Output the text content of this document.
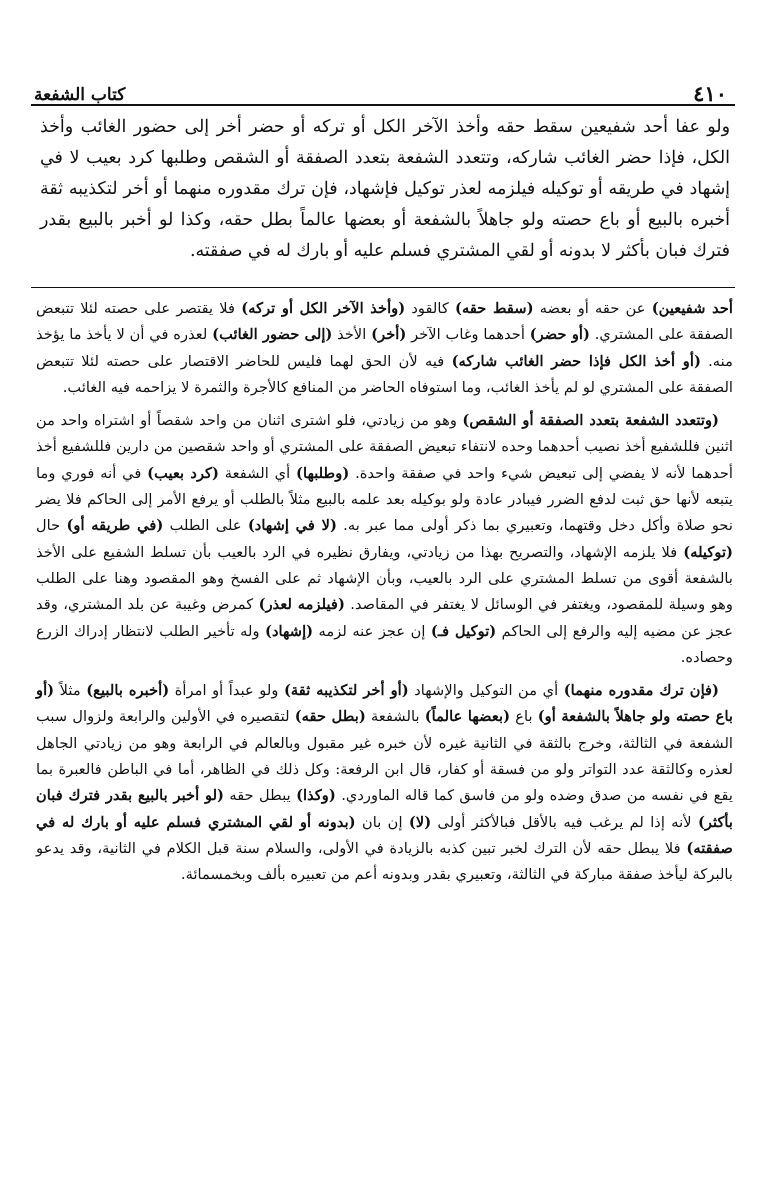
٤١٠
كتاب الشفعة

ولو عفا أحد شفيعين سقط حقه وأخذ الآخر الكل أو تركه أو حضر أخر إلى حضور الغائب وأخذ الكل، فإذا حضر الغائب شاركه، وتتعدد الشفعة بتعدد الصفقة أو الشقص وطلبها كرد بعيب لا في إشهاد في طريقه أو توكيله فيلزمه لعذر توكيل فإشهاد، فإن ترك مقدوره منهما أو أخر لتكذيبه ثقة أخبره بالبيع أو باع حصته ولو جاهلاً بالشفعة أو بعضها عالماً بطل حقه، وكذا لو أخبر بالبيع بقدر فترك فبان بأكثر لا بدونه أو لقي المشتري فسلم عليه أو بارك له في صفقته.

أحد شفيعين) عن حقه أو بعضه (سقط حقه) كالقود (وأخذ الآخر الكل أو تركه) فلا يقتصر على حصته لئلا تتبعض الصفقة على المشتري. (أو حضر) أحدهما وغاب الآخر (أخر) الأخذ (إلى حضور الغائب) لعذره في أن لا يأخذ ما يؤخذ منه. (أو أخذ الكل فإذا حضر الغائب شاركه) فيه لأن الحق لهما فليس للحاضر الاقتصار على حصته لئلا تتبعض الصفقة على المشتري لو لم يأخذ الغائب، وما استوفاه الحاضر من المنافع كالأجرة والثمرة لا يزاحمه فيه الغائب.

(وتتعدد الشفعة بتعدد الصفقة أو الشقص) وهو من زيادتي، فلو اشترى اثنان من واحد شقصاً أو اشتراه واحد من اثنين فللشفيع أخذ نصيب أحدهما وحده لانتفاء تبعيض الصفقة على المشتري أو واحد شقصين من دارين فللشفيع أخذ أحدهما لأنه لا يفضي إلى تبعيض شيء واحد في صفقة واحدة. (وطلبها) أي الشفعة (كرد بعيب) في أنه فوري وما يتبعه لأنها حق ثبت لدفع الضرر فيبادر عادة ولو بوكيله بعد علمه بالبيع مثلاً بالطلب أو يرفع الأمر إلى الحاكم فلا يضر نحو صلاة وأكل دخل وقتهما، وتعبيري بما ذكر أولى مما عبر به. (لا في إشهاد) على الطلب (في طريقه أو) حال (توكيله) فلا يلزمه الإشهاد، والتصريح بهذا من زيادتي، ويفارق نظيره في الرد بالعيب بأن تسلط الشفيع على الأخذ بالشفعة أقوى من تسلط المشتري على الرد بالعيب، وبأن الإشهاد ثم على الفسخ وهو المقصود وهنا على الطلب وهو وسيلة للمقصود، ويغتفر في الوسائل لا يغتفر في المقاصد. (فيلزمه لعذر) كمرض وغيبة عن بلد المشتري، وقد عجز عن مضيه إليه والرفع إلى الحاكم (توكيل فـ) إن عجز عنه لزمه (إشهاد) وله تأخير الطلب لانتظار إدراك الزرع وحصاده.

(فإن ترك مقدوره منهما) أي من التوكيل والإشهاد (أو أخر لتكذيبه ثقة) ولو عبداً أو امرأة (أخبره بالبيع) مثلاً (أو باع حصته ولو جاهلاً بالشفعة أو) باع (بعضها عالماً) بالشفعة (بطل حقه) لتقصيره في الأولين والرابعة ولزوال سبب الشفعة في الثالثة، وخرج بالثقة في الثانية غيره لأن خبره غير مقبول وبالعالم في الرابعة وهو من زيادتي الجاهل لعذره وكالثقة عدد التواتر ولو من فسقة أو كفار، قال ابن الرفعة: وكل ذلك في الظاهر، أما في الباطن فالعبرة بما يقع في نفسه من صدق وضده ولو من فاسق كما قاله الماوردي. (وكذا) يبطل حقه (لو أخبر بالبيع بقدر فترك فبان بأكثر) لأنه إذا لم يرغب فيه بالأقل فبالأكثر أولى (لا) إن بان (بدونه أو لقي المشتري فسلم عليه أو بارك له في صفقته) فلا يبطل حقه لأن الترك لخبر تبين كذبه بالزيادة في الأولى، والسلام سنة قبل الكلام في الثانية، وقد يدعو بالبركة ليأخذ صفقة مباركة في الثالثة، وتعبيري بقدر وبدونه أعم من تعبيره بألف وبخمسمائة.
